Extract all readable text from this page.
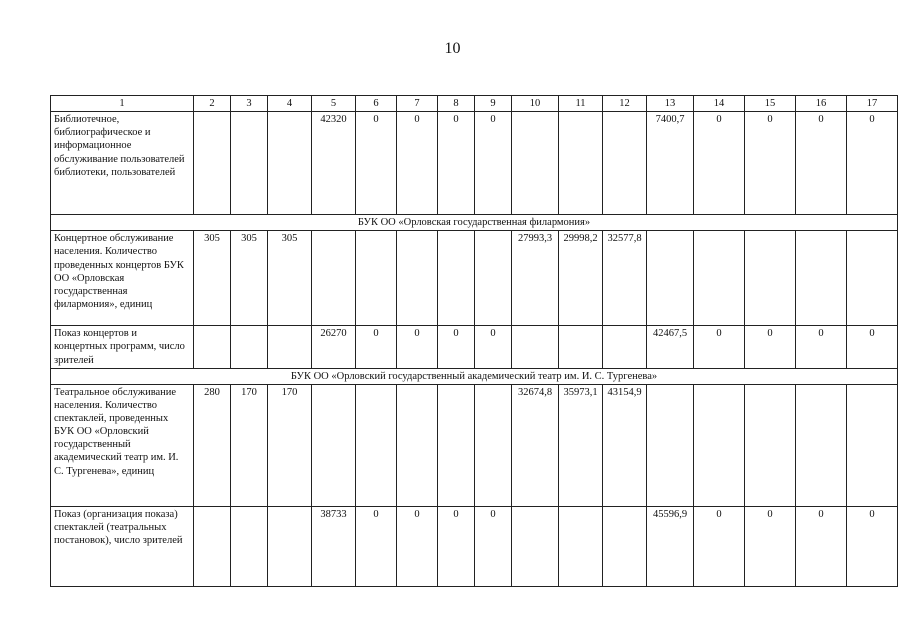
10
1	2	3	4	5	6	7	8	9	10	11	12	13	14	15	16	17
Библиотечное, библиографическое и информационное обслуживание пользователей библиотеки, пользователей				42320	0	0	0	0				7400,7	0	0	0	0
БУК ОО «Орловская государственная филармония»																
Концертное обслуживание населения. Количество проведенных концертов БУК ОО «Орловская государственная филармония», единиц	305	305	305						27993,3	29998,2	32577,8					
Показ концертов и концертных программ, число зрителей				26270	0	0	0	0				42467,5	0	0	0	0
БУК ОО «Орловский государственный академический театр им. И. С. Тургенева»																
Театральное обслуживание населения. Количество спектаклей, проведенных БУК ОО «Орловский государственный академический театр им. И. С. Тургенева», единиц	280	170	170						32674,8	35973,1	43154,9					
Показ (организация показа) спектаклей (театральных постановок), число зрителей				38733	0	0	0	0				45596,9	0	0	0	0
